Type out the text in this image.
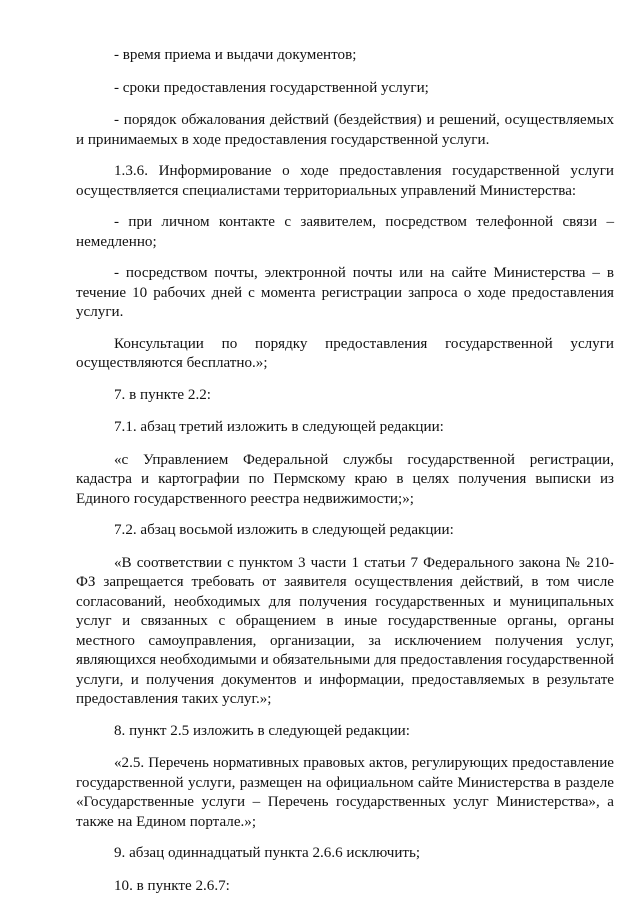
- время приема и выдачи документов;

- сроки предоставления государственной услуги;

- порядок обжалования действий (бездействия) и решений, осуществляемых и принимаемых в ходе предоставления государственной услуги.

1.3.6. Информирование о ходе предоставления государственной услуги осуществляется специалистами территориальных управлений Министерства:

- при личном контакте с заявителем, посредством телефонной связи – немедленно;

- посредством почты, электронной почты или на сайте Министерства – в течение 10 рабочих дней с момента регистрации запроса о ходе предоставления услуги.

Консультации по порядку предоставления государственной услуги осуществляются бесплатно.»;

7. в пункте 2.2:

7.1. абзац третий изложить в следующей редакции:

«с Управлением Федеральной службы государственной регистрации, кадастра и картографии по Пермскому краю в целях получения выписки из Единого государственного реестра недвижимости;»;

7.2. абзац восьмой изложить в следующей редакции:

«В соответствии с пунктом 3 части 1 статьи 7 Федерального закона № 210-ФЗ запрещается требовать от заявителя осуществления действий, в том числе согласований, необходимых для получения государственных и муниципальных услуг и связанных с обращением в иные государственные органы, органы местного самоуправления, организации, за исключением получения услуг, являющихся необходимыми и обязательными для предоставления государственной услуги, и получения документов и информации, предоставляемых в результате предоставления таких услуг.»;

8. пункт 2.5 изложить в следующей редакции:

«2.5. Перечень нормативных правовых актов, регулирующих предоставление государственной услуги, размещен на официальном сайте Министерства в разделе «Государственные услуги – Перечень государственных услуг Министерства», а также на Едином портале.»;

9. абзац одиннадцатый пункта 2.6.6 исключить;

10. в пункте 2.6.7:
